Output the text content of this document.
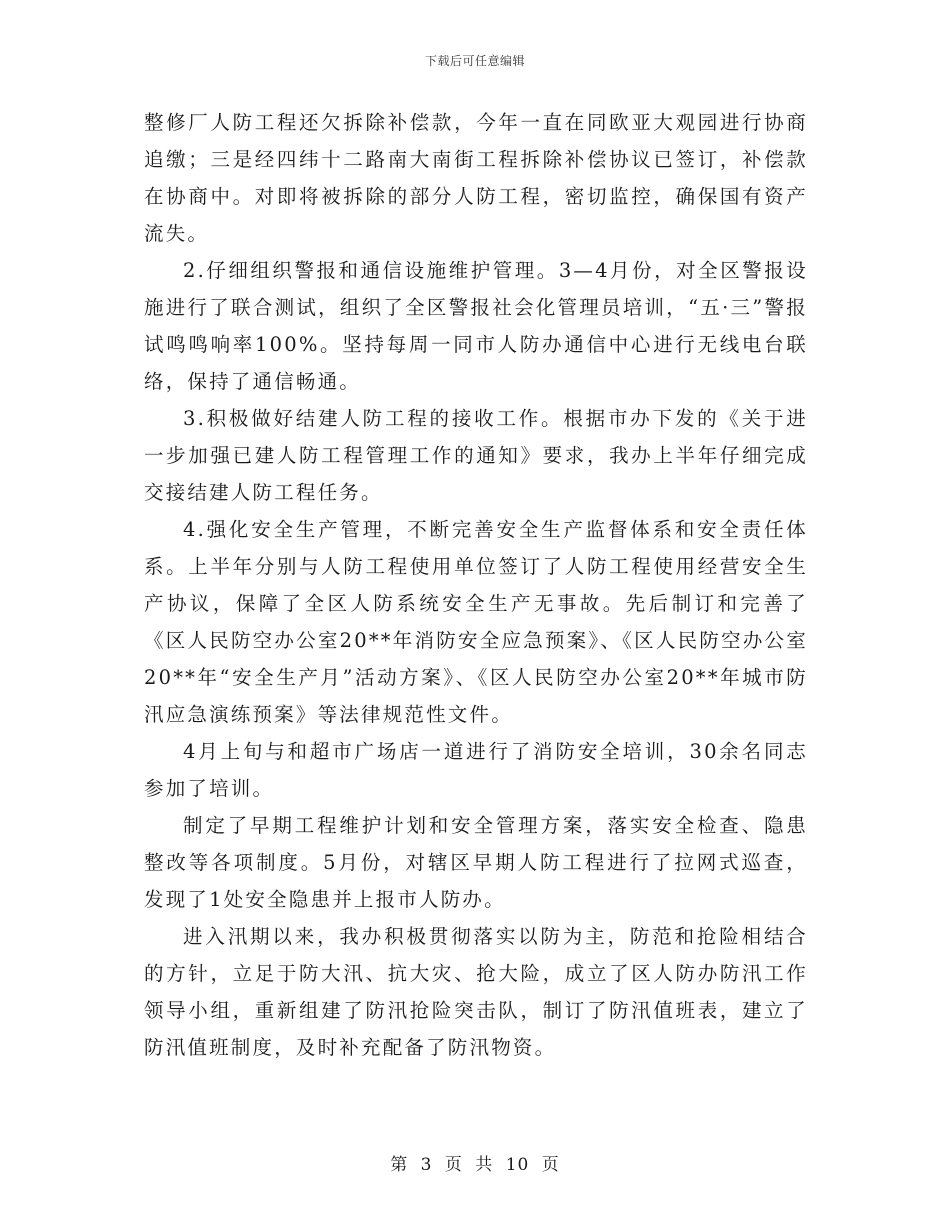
下载后可任意编辑

整修厂人防工程还欠拆除补偿款，今年一直在同欧亚大观园进行协商追缴；三是经四纬十二路南大南街工程拆除补偿协议已签订，补偿款在协商中。对即将被拆除的部分人防工程，密切监控，确保国有资产流失。

2.仔细组织警报和通信设施维护管理。3—4月份，对全区警报设施进行了联合测试，组织了全区警报社会化管理员培训，“五·三”警报试鸣鸣响率100%。坚持每周一同市人防办通信中心进行无线电台联络，保持了通信畅通。

3.积极做好结建人防工程的接收工作。根据市办下发的《关于进一步加强已建人防工程管理工作的通知》要求，我办上半年仔细完成交接结建人防工程任务。

4.强化安全生产管理，不断完善安全生产监督体系和安全责任体系。上半年分别与人防工程使用单位签订了人防工程使用经营安全生产协议，保障了全区人防系统安全生产无事故。先后制订和完善了《区人民防空办公室20**年消防安全应急预案》、《区人民防空办公室20**年“安全生产月”活动方案》、《区人民防空办公室20**年城市防汛应急演练预案》等法律规范性文件。

4月上旬与和超市广场店一道进行了消防安全培训，30余名同志参加了培训。

制定了早期工程维护计划和安全管理方案，落实安全检查、隐患整改等各项制度。5月份，对辖区早期人防工程进行了拉网式巡查，发现了1处安全隐患并上报市人防办。

进入汛期以来，我办积极贯彻落实以防为主，防范和抢险相结合的方针，立足于防大汛、抗大灾、抢大险，成立了区人防办防汛工作领导小组，重新组建了防汛抢险突击队，制订了防汛值班表，建立了防汛值班制度，及时补充配备了防汛物资。

第 3 页 共 10 页
